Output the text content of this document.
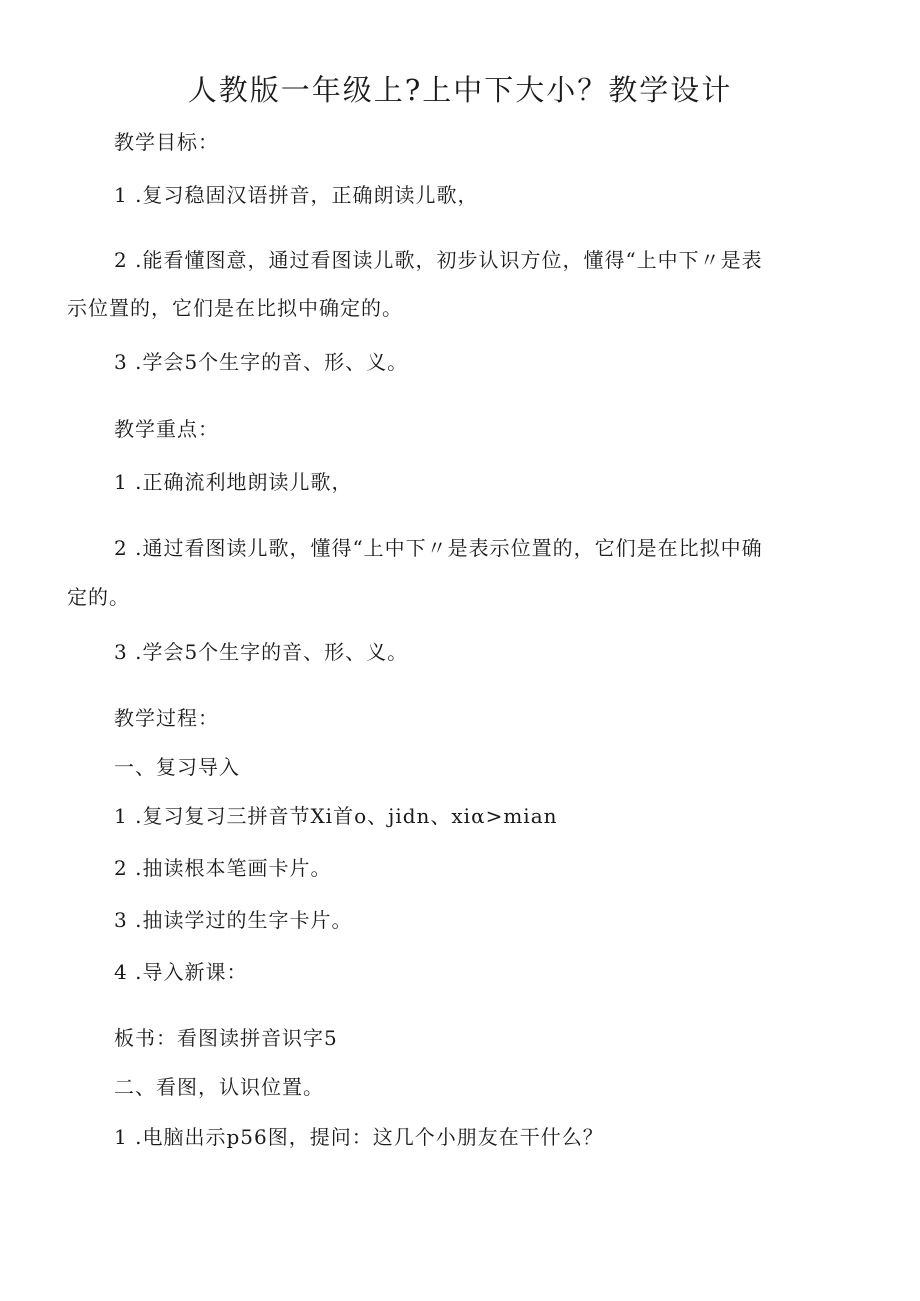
人教版一年级上?上中下大小？教学设计
教学目标：
1 .复习稳固汉语拼音，正确朗读儿歌，
2 .能看懂图意，通过看图读儿歌，初步认识方位，懂得“上中下〃是表
示位置的，它们是在比拟中确定的。
3 .学会5个生字的音、形、义。
教学重点：
1 .正确流利地朗读儿歌，
2 .通过看图读儿歌，懂得“上中下〃是表示位置的，它们是在比拟中确
定的。
3 .学会5个生字的音、形、义。
教学过程：
一、复习导入
1 .复习复习三拼音节Xi首o、jidn、xiα>mian
2 .抽读根本笔画卡片。
3 .抽读学过的生字卡片。
4 .导入新课：
板书：看图读拼音识字5
二、看图，认识位置。
1 .电脑出示p56图，提问：这几个小朋友在干什么？
